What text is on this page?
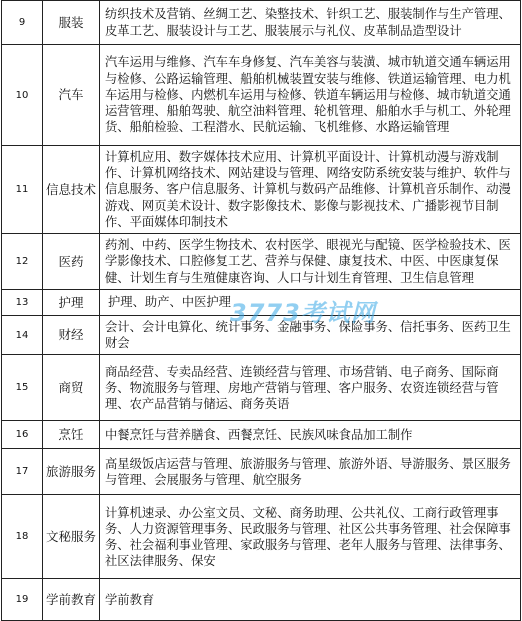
9	服装	纺织技术及营销、丝绸工艺、染整技术、针织工艺、服装制作与生产管理、皮革工艺、服装设计与工艺、服装展示与礼仪、皮革制品造型设计
10	汽车	汽车运用与维修、汽车车身修复、汽车美容与装潢、城市轨道交通车辆运用与检修、公路运输管理、船舶机械装置安装与维修、铁道运输管理、电力机车运用与检修、内燃机车运用与检修、铁道车辆运用与检修、城市轨道交通运营管理、船舶驾驶、航空油料管理、轮机管理、船舶水手与机工、外轮理货、船舶检验、工程潜水、民航运输、飞机维修、水路运输管理
11	信息技术	计算机应用、数字媒体技术应用、计算机平面设计、计算机动漫与游戏制作、计算机网络技术、网站建设与管理、网络安防系统安装与维护、软件与信息服务、客户信息服务、计算机与数码产品维修、计算机音乐制作、动漫游戏、网页美术设计、数字影像技术、影像与影视技术、广播影视节目制作、平面媒体印制技术
12	医药	药剂、中药、医学生物技术、农村医学、眼视光与配镜、医学检验技术、医学影像技术、口腔修复工艺、营养与保健、康复技术、中医、中医康复保健、计划生育与生殖健康咨询、人口与计划生育管理、卫生信息管理
13	护理	护理、助产、中医护理
14	财经	会计、会计电算化、统计事务、金融事务、保险事务、信托事务、医药卫生财会
15	商贸	商品经营、专卖品经营、连锁经营与管理、市场营销、电子商务、国际商务、物流服务与管理、房地产营销与管理、客户服务、农资连锁经营与管理、农产品营销与储运、商务英语
16	烹饪	中餐烹饪与营养膳食、西餐烹饪、民族风味食品加工制作
17	旅游服务	高星级饭店运营与管理、旅游服务与管理、旅游外语、导游服务、景区服务与管理、会展服务与管理、航空服务
18	文秘服务	计算机速录、办公室文员、文秘、商务助理、公共礼仪、工商行政管理事务、人力资源管理事务、民政服务与管理、社区公共事务管理、社会保障事务、社会福利事业管理、家政服务与管理、老年人服务与管理、法律事务、社区法律服务、保安
19	学前教育	学前教育
3773考试网
